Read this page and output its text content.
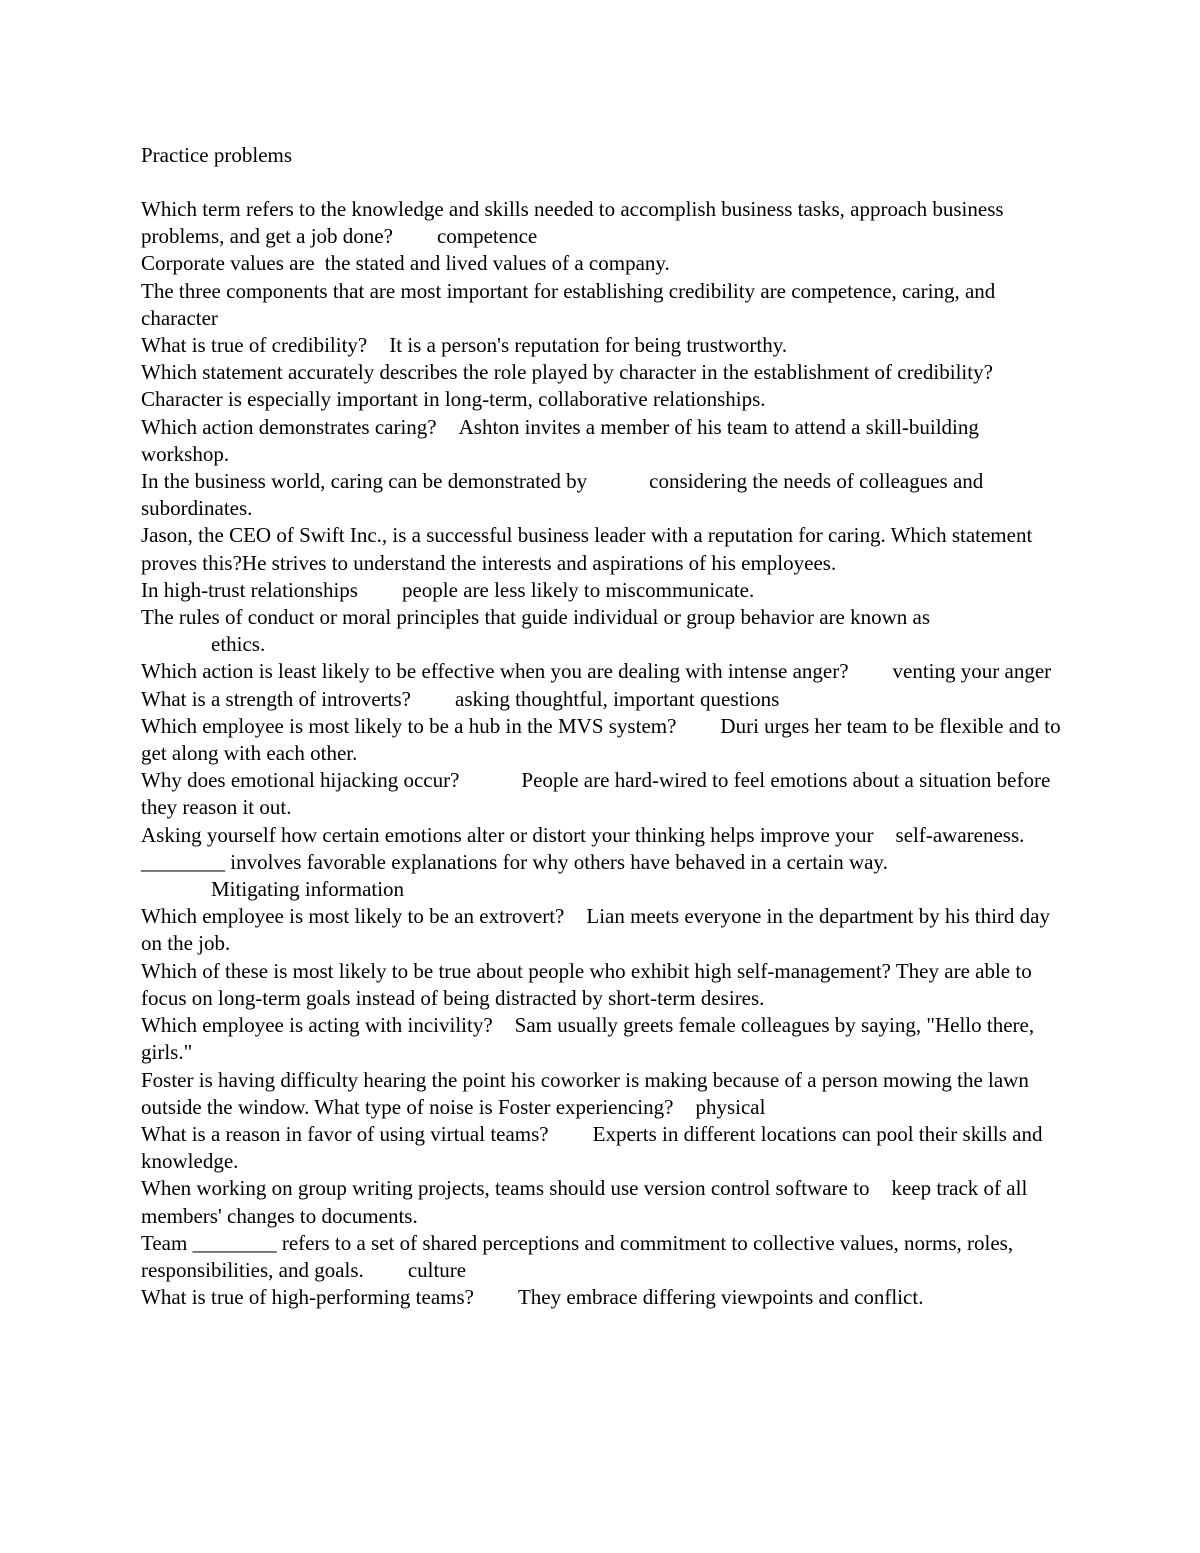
Practice problems

Which term refers to the knowledge and skills needed to accomplish business tasks, approach business problems, and get a job done? competence

Corporate values are the stated and lived values of a company.

The three components that are most important for establishing credibility are competence, caring, andcharacter

What is true of credibility? It is a person's reputation for being trustworthy.

Which statement accurately describes the role played by character in the establishment of credibility?Character is especially important in long-term, collaborative relationships.

Which action demonstrates caring? Ashton invites a member of his team to attend a skill-building workshop.

In the business world, caring can be demonstrated by	considering the needs of colleagues and subordinates.

Jason, the CEO of Swift Inc., is a successful business leader with a reputation for caring. Which statement proves this?He strives to understand the interests and aspirations of his employees.

In high-trust relationships people are less likely to miscommunicate.

The rules of conduct or moral principles that guide individual or group behavior are known as
ethics.

Which action is least likely to be effective when you are dealing with intense anger? venting your anger

What is a strength of introverts? asking thoughtful, important questions

Which employee is most likely to be a hub in the MVS system? Duri urges her team to be flexible and to get along with each other.

Why does emotional hijacking occur?	People are hard-wired to feel emotions about a situation before they reason it out.

Asking yourself how certain emotions alter or distort your thinking helps improve your self-awareness.

________ involves favorable explanations for why others have behaved in a certain way.
Mitigating information

Which employee is most likely to be an extrovert? Lian meets everyone in the department by his third day on the job.

Which of these is most likely to be true about people who exhibit high self-management? They are able to focus on long-term goals instead of being distracted by short-term desires.

Which employee is acting with incivility? Sam usually greets female colleagues by saying, "Hello there, girls."

Foster is having difficulty hearing the point his coworker is making because of a person mowing the lawn outside the window. What type of noise is Foster experiencing? physical

What is a reason in favor of using virtual teams? Experts in different locations can pool their skills and knowledge.

When working on group writing projects, teams should use version control software to keep track of all members' changes to documents.

Team ________ refers to a set of shared perceptions and commitment to collective values, norms, roles, responsibilities, and goals. culture

What is true of high-performing teams? They embrace differing viewpoints and conflict.
